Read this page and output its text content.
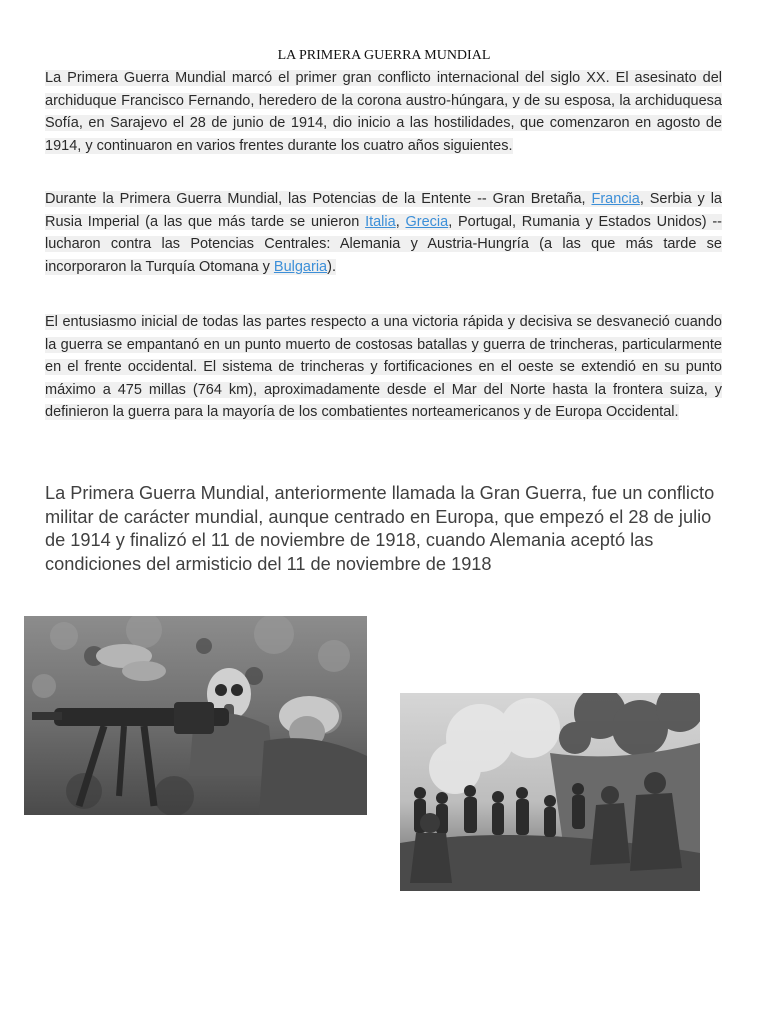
LA PRIMERA GUERRA MUNDIAL

La Primera Guerra Mundial marcó el primer gran conflicto internacional del siglo XX. El asesinato del archiduque Francisco Fernando, heredero de la corona austro-húngara, y de su esposa, la archiduquesa Sofía, en Sarajevo el 28 de junio de 1914, dio inicio a las hostilidades, que comenzaron en agosto de 1914, y continuaron en varios frentes durante los cuatro años siguientes.

Durante la Primera Guerra Mundial, las Potencias de la Entente -- Gran Bretaña, Francia, Serbia y la Rusia Imperial (a las que más tarde se unieron Italia, Grecia, Portugal, Rumania y Estados Unidos) -- lucharon contra las Potencias Centrales: Alemania y Austria-Hungría (a las que más tarde se incorporaron la Turquía Otomana y Bulgaria).

El entusiasmo inicial de todas las partes respecto a una victoria rápida y decisiva se desvaneció cuando la guerra se empantanó en un punto muerto de costosas batallas y guerra de trincheras, particularmente en el frente occidental. El sistema de trincheras y fortificaciones en el oeste se extendió en su punto máximo a 475 millas (764 km), aproximadamente desde el Mar del Norte hasta la frontera suiza, y definieron la guerra para la mayoría de los combatientes norteamericanos y de Europa Occidental.

La Primera Guerra Mundial, anteriormente llamada la Gran Guerra, fue un conflicto militar de carácter mundial, aunque centrado en Europa, que empezó el 28 de julio de 1914 y finalizó el 11 de noviembre de 1918, cuando Alemania aceptó las condiciones del armisticio del 11 de noviembre de 1918
